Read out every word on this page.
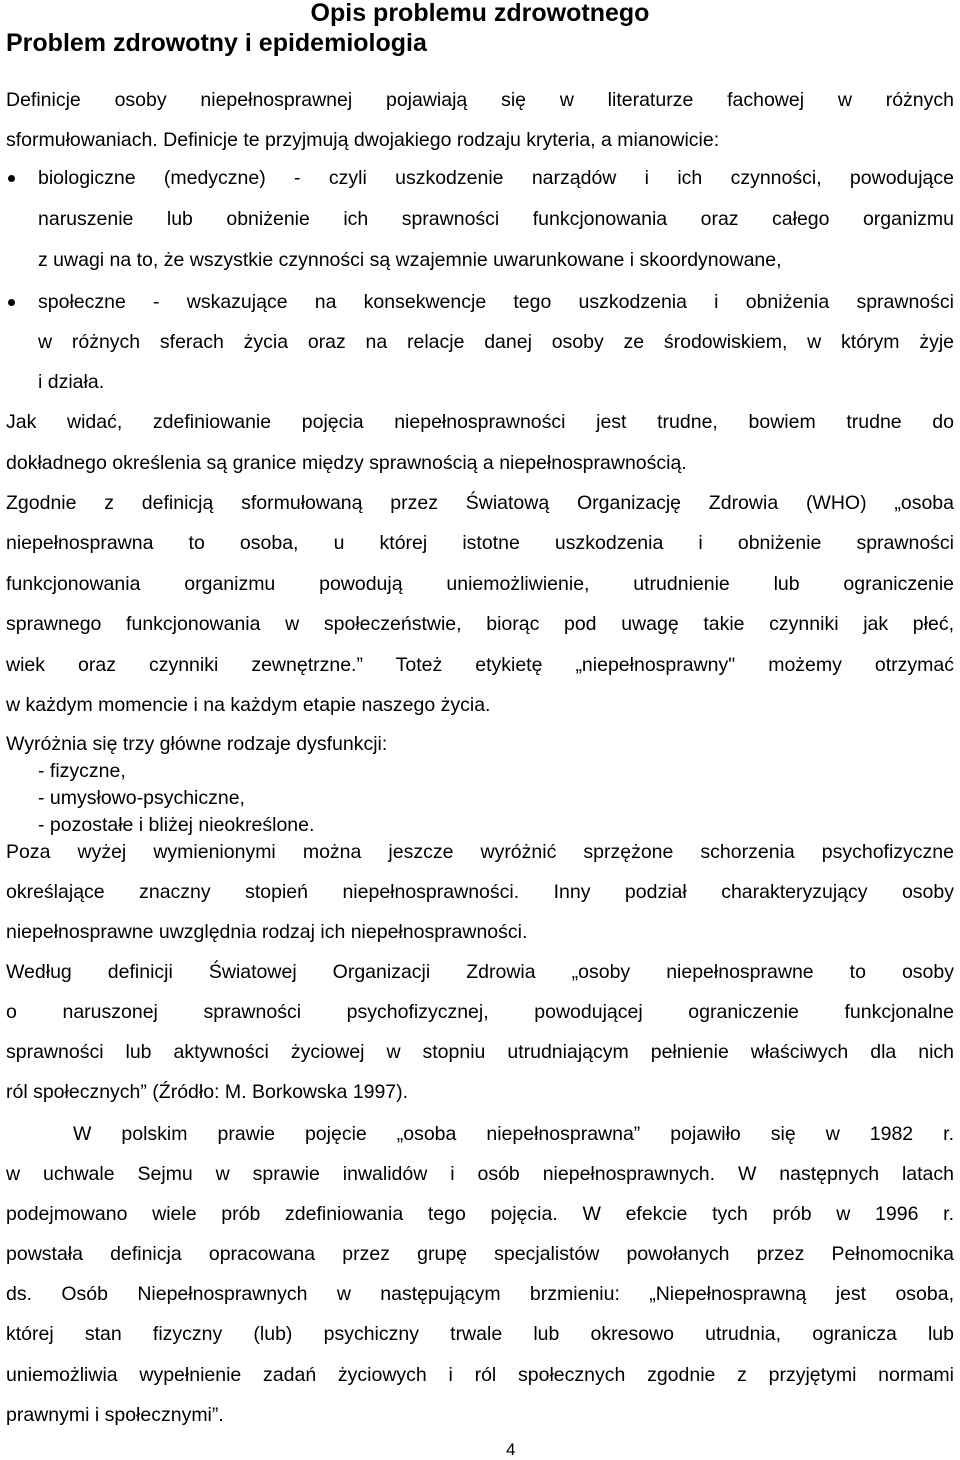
Opis problemu zdrowotnego
Problem zdrowotny i epidemiologia
Definicje osoby niepełnosprawnej pojawiają się w literaturze fachowej w różnych
sformułowaniach. Definicje te przyjmują dwojakiego rodzaju kryteria, a mianowicie:
biologiczne (medyczne) - czyli uszkodzenie narządów i ich czynności, powodujące
naruszenie lub obniżenie ich sprawności funkcjonowania oraz całego organizmu
z uwagi na to, że wszystkie czynności są wzajemnie uwarunkowane i skoordynowane,
społeczne - wskazujące na konsekwencje tego uszkodzenia i obniżenia sprawności
w różnych sferach życia oraz na relacje danej osoby ze środowiskiem, w którym żyje
i działa.
Jak widać, zdefiniowanie pojęcia niepełnosprawności jest trudne, bowiem trudne do
dokładnego określenia są granice między sprawnością a niepełnosprawnością.
Zgodnie z definicją sformułowaną przez Światową Organizację Zdrowia (WHO) „osoba
niepełnosprawna to osoba, u której istotne uszkodzenia i obniżenie sprawności
funkcjonowania organizmu powodują uniemożliwienie, utrudnienie lub ograniczenie
sprawnego funkcjonowania w społeczeństwie, biorąc pod uwagę takie czynniki jak płeć,
wiek oraz czynniki zewnętrzne.” Toteż etykietę „niepełnosprawny" możemy otrzymać
w każdym momencie i na każdym etapie naszego życia.
Wyróżnia się trzy główne rodzaje dysfunkcji:
- fizyczne,
- umysłowo-psychiczne,
- pozostałe i bliżej nieokreślone.
Poza wyżej wymienionymi można jeszcze wyróżnić sprzężone schorzenia psychofizyczne
określające znaczny stopień niepełnosprawności. Inny podział charakteryzujący osoby
niepełnosprawne uwzględnia rodzaj ich niepełnosprawności.
Według definicji Światowej Organizacji Zdrowia „osoby niepełnosprawne to osoby
o naruszonej sprawności psychofizycznej, powodującej ograniczenie funkcjonalne
sprawności lub aktywności życiowej w stopniu utrudniającym pełnienie właściwych dla nich
ról społecznych” (Źródło: M. Borkowska 1997).
W polskim prawie pojęcie „osoba niepełnosprawna” pojawiło się w 1982 r.
w uchwale Sejmu w sprawie inwalidów i osób niepełnosprawnych. W następnych latach
podejmowano wiele prób zdefiniowania tego pojęcia. W efekcie tych prób w 1996 r.
powstała definicja opracowana przez grupę specjalistów powołanych przez Pełnomocnika
ds. Osób Niepełnosprawnych w następującym brzmieniu: „Niepełnosprawną jest osoba,
której stan fizyczny (lub) psychiczny trwale lub okresowo utrudnia, ogranicza lub
uniemożliwia wypełnienie zadań życiowych i ról społecznych zgodnie z przyjętymi normami
prawnymi i społecznymi”.
4
